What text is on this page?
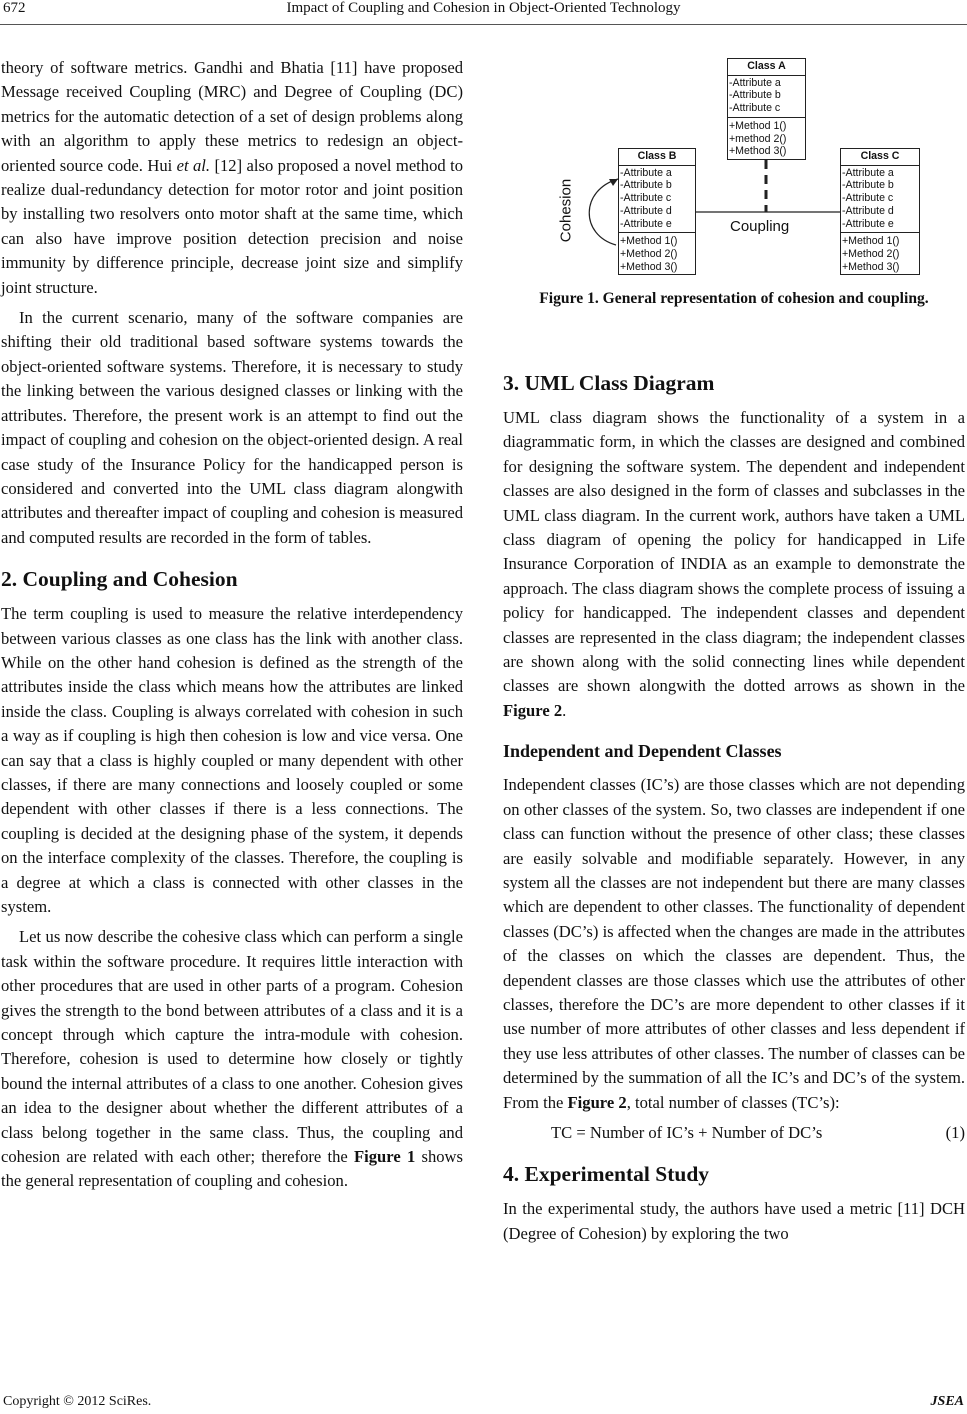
672	Impact of Coupling and Cohesion in Object-Oriented Technology

theory of software metrics. Gandhi and Bhatia [11] have proposed Message received Coupling (MRC) and Degree of Coupling (DC) metrics for the automatic detection of a set of design problems along with an algorithm to apply these metrics to redesign an object-oriented source code. Hui et al. [12] also proposed a novel method to realize dual-redundancy detection for motor rotor and joint position by installing two resolvers onto motor shaft at the same time, which can also have improve position detection precision and noise immunity by difference principle, decrease joint size and simplify joint structure.

In the current scenario, many of the software companies are shifting their old traditional based software systems towards the object-oriented software systems. Therefore, it is necessary to study the linking between the various designed classes or linking with the attributes. Therefore, the present work is an attempt to find out the impact of coupling and cohesion on the object-oriented design. A real case study of the Insurance Policy for the handicapped person is considered and converted into the UML class diagram alongwith attributes and thereafter impact of coupling and cohesion is measured and computed results are recorded in the form of tables.

2. Coupling and Cohesion

The term coupling is used to measure the relative interdependency between various classes as one class has the link with another class. While on the other hand cohesion is defined as the strength of the attributes inside the class which means how the attributes are linked inside the class. Coupling is always correlated with cohesion in such a way as if coupling is high then cohesion is low and vice versa. One can say that a class is highly coupled or many dependent with other classes, if there are many connections and loosely coupled or some dependent with other classes if there is a less connections. The coupling is decided at the designing phase of the system, it depends on the interface complexity of the classes. Therefore, the coupling is a degree at which a class is connected with other classes in the system.

Let us now describe the cohesive class which can perform a single task within the software procedure. It requires little interaction with other procedures that are used in other parts of a program. Cohesion gives the strength to the bond between attributes of a class and it is a concept through which capture the intra-module with cohesion. Therefore, cohesion is used to determine how closely or tightly bound the internal attributes of a class to one another. Cohesion gives an idea to the designer about whether the different attributes of a class belong together in the same class. Thus, the coupling and cohesion are related with each other; therefore the Figure 1 shows the general representation of coupling and cohesion.

Class A
-Attribute a
-Attribute b
-Attribute c
+Method 1()
+method 2()
+Method 3()
Class B
-Attribute a
-Attribute b
-Attribute c
-Attribute d
-Attribute e
+Method 1()
+Method 2()
+Method 3()
Class C
-Attribute a
-Attribute b
-Attribute c
-Attribute d
-Attribute e
+Method 1()
+Method 2()
+Method 3()
Cohesion	Coupling
Figure 1. General representation of cohesion and coupling.
3. UML Class Diagram

UML class diagram shows the functionality of a system in a diagrammatic form, in which the classes are designed and combined for designing the software system. The dependent and independent classes are also designed in the form of classes and subclasses in the UML class diagram. In the current work, authors have taken a UML class diagram of opening the policy for handicapped in Life Insurance Corporation of INDIA as an example to demonstrate the approach. The class diagram shows the complete process of issuing a policy for handicapped. The independent classes and dependent classes are represented in the class diagram; the independent classes are shown along with the solid connecting lines while dependent classes are shown alongwith the dotted arrows as shown in the Figure 2.

Independent and Dependent Classes

Independent classes (IC’s) are those classes which are not depending on other classes of the system. So, two classes are independent if one class can function without the presence of other class; these classes are easily solvable and modifiable separately. However, in any system all the classes are not independent but there are many classes which are dependent to other classes. The functionality of dependent classes (DC’s) is affected when the changes are made in the attributes of the classes on which the classes are dependent. Thus, the dependent classes are those classes which use the attributes of other classes, therefore the DC’s are more dependent to other classes if it use number of more attributes of other classes and less dependent if they use less attributes of other classes. The number of classes can be determined by the summation of all the IC’s and DC’s of the system. From the Figure 2, total number of classes (TC’s):

TC = Number of IC’s + Number of DC’s	(1)
4. Experimental Study

In the experimental study, the authors have used a metric [11] DCH (Degree of Cohesion) by exploring the two

Copyright © 2012 SciRes.	JSEA
